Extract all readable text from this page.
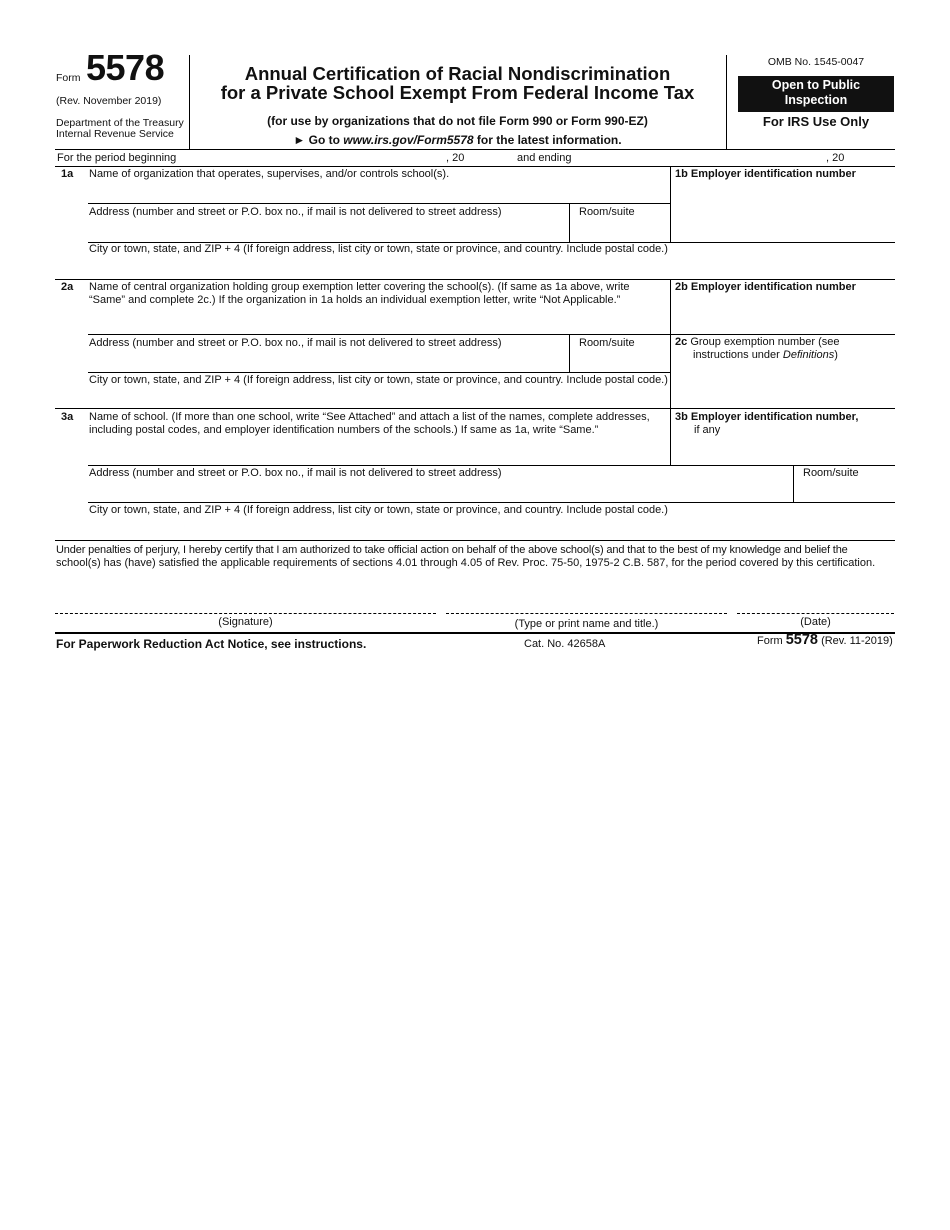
Form 5578
(Rev. November 2019)
Department of the Treasury
Internal Revenue Service
Annual Certification of Racial Nondiscrimination
for a Private School Exempt From Federal Income Tax
(for use by organizations that do not file Form 990 or Form 990-EZ)
► Go to www.irs.gov/Form5578 for the latest information.
OMB No. 1545-0047
Open to Public
Inspection
For IRS Use Only
For the period beginning	, 20	and ending	, 20
1a Name of organization that operates, supervises, and/or controls school(s).	1b Employer identification number
Address (number and street or P.O. box no., if mail is not delivered to street address)	Room/suite
City or town, state, and ZIP + 4 (If foreign address, list city or town, state or province, and country. Include postal code.)
2a Name of central organization holding group exemption letter covering the school(s). (If same as 1a above, write
“Same” and complete 2c.) If the organization in 1a holds an individual exemption letter, write “Not Applicable.”
2b Employer identification number
Address (number and street or P.O. box no., if mail is not delivered to street address)	Room/suite	2c Group exemption number (see
instructions under Definitions)
City or town, state, and ZIP + 4 (If foreign address, list city or town, state or province, and country. Include postal code.)
3a Name of school. (If more than one school, write “See Attached” and attach a list of the names, complete addresses,
including postal codes, and employer identification numbers of the schools.) If same as 1a, write “Same.”
3b Employer identification number,
if any
Address (number and street or P.O. box no., if mail is not delivered to street address)	Room/suite
City or town, state, and ZIP + 4 (If foreign address, list city or town, state or province, and country. Include postal code.)
Under penalties of perjury, I hereby certify that I am authorized to take official action on behalf of the above school(s) and that to the best of my knowledge and belief the
school(s) has (have) satisfied the applicable requirements of sections 4.01 through 4.05 of Rev. Proc. 75-50, 1975-2 C.B. 587, for the period covered by this certification.
(Signature)	(Type or print name and title.)	(Date)
For Paperwork Reduction Act Notice, see instructions.	Cat. No. 42658A	Form 5578 (Rev. 11-2019)
